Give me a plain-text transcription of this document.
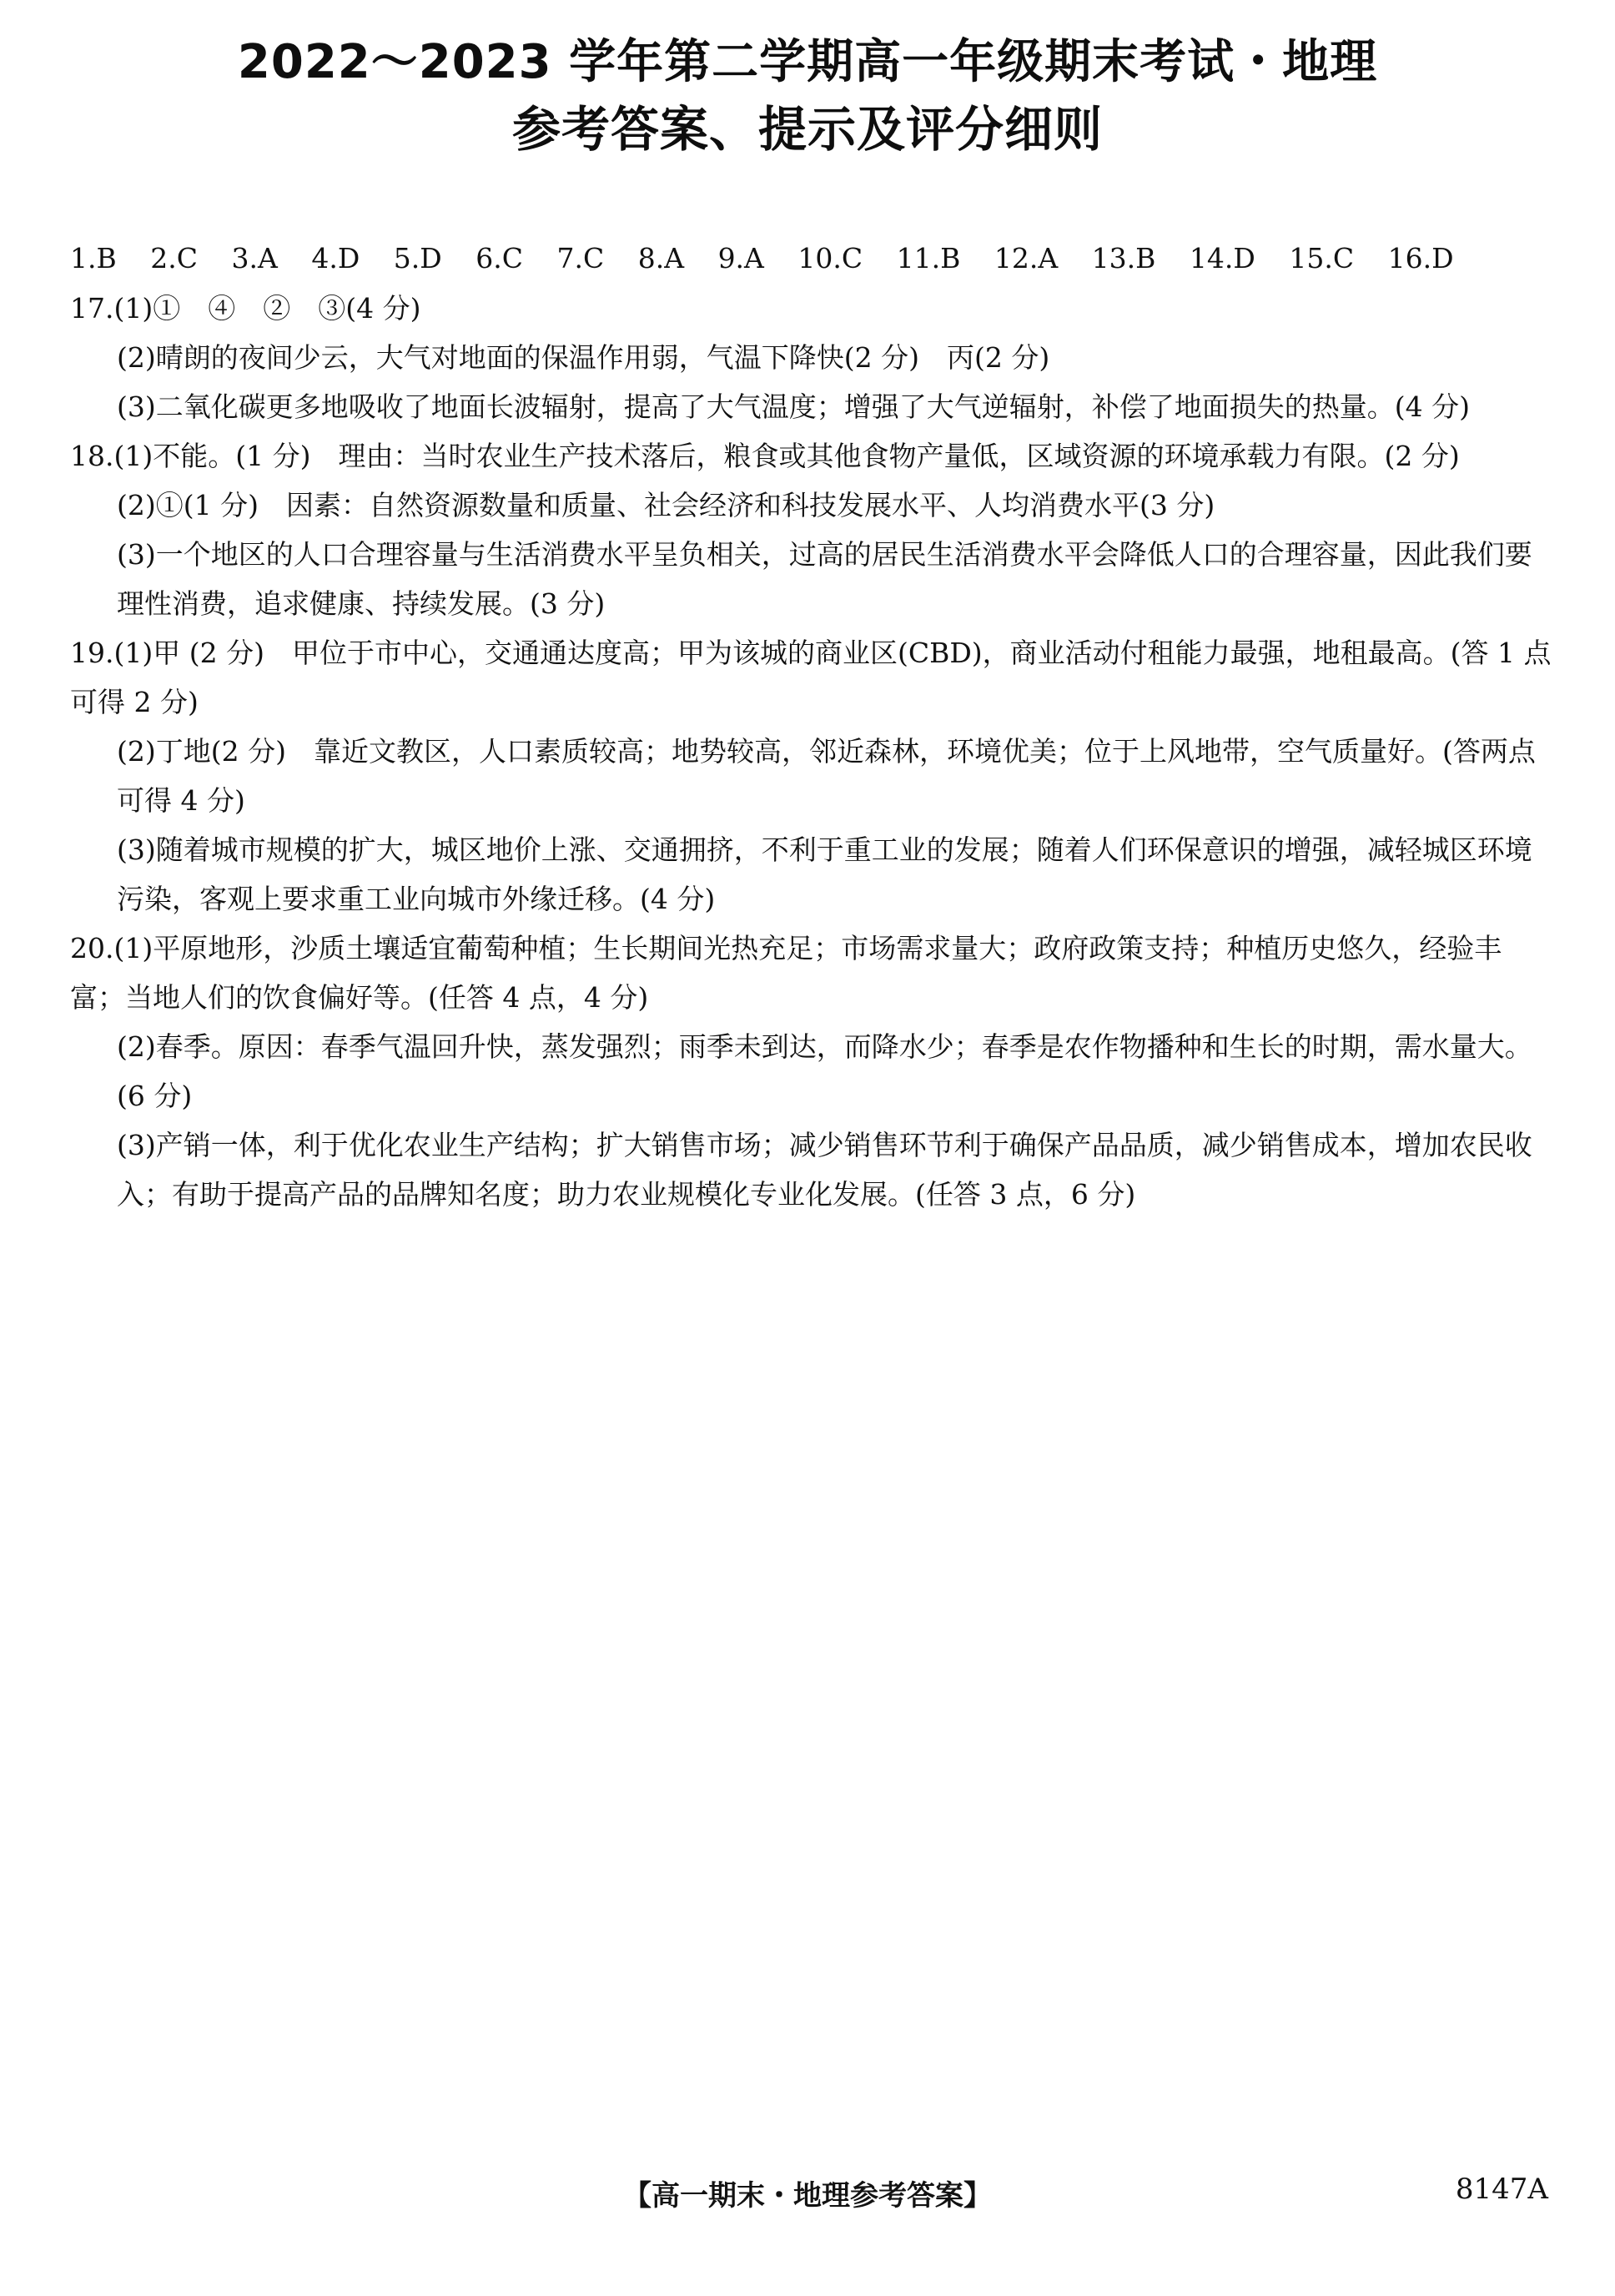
2022～2023 学年第二学期高一年级期末考试・地理
参考答案、提示及评分细则
1.B 2.C 3.A 4.D 5.D 6.C 7.C 8.A 9.A 10.C 11.B 12.A 13.B 14.D 15.C 16.D
17.(1)①　④　②　③(4 分)
(2)晴朗的夜间少云，大气对地面的保温作用弱，气温下降快(2 分)　丙(2 分)
(3)二氧化碳更多地吸收了地面长波辐射，提高了大气温度；增强了大气逆辐射，补偿了地面损失的热量。(4 分)
18.(1)不能。(1 分)　理由：当时农业生产技术落后，粮食或其他食物产量低，区域资源的环境承载力有限。(2 分)
(2)①(1 分)　因素：自然资源数量和质量、社会经济和科技发展水平、人均消费水平(3 分)
(3)一个地区的人口合理容量与生活消费水平呈负相关，过高的居民生活消费水平会降低人口的合理容量，因此我们要理性消费，追求健康、持续发展。(3 分)
19.(1)甲 (2 分)　甲位于市中心，交通通达度高；甲为该城的商业区(CBD)，商业活动付租能力最强，地租最高。(答 1 点可得 2 分)
(2)丁地(2 分)　靠近文教区，人口素质较高；地势较高，邻近森林，环境优美；位于上风地带，空气质量好。(答两点可得 4 分)
(3)随着城市规模的扩大，城区地价上涨、交通拥挤，不利于重工业的发展；随着人们环保意识的增强，减轻城区环境污染，客观上要求重工业向城市外缘迁移。(4 分)
20.(1)平原地形，沙质土壤适宜葡萄种植；生长期间光热充足；市场需求量大；政府政策支持；种植历史悠久，经验丰富；当地人们的饮食偏好等。(任答 4 点，4 分)
(2)春季。原因：春季气温回升快，蒸发强烈；雨季未到达，而降水少；春季是农作物播种和生长的时期，需水量大。(6 分)
(3)产销一体，利于优化农业生产结构；扩大销售市场；减少销售环节利于确保产品品质，减少销售成本，增加农民收入；有助于提高产品的品牌知名度；助力农业规模化专业化发展。(任答 3 点，6 分)
【高一期末・地理参考答案】	8147A
